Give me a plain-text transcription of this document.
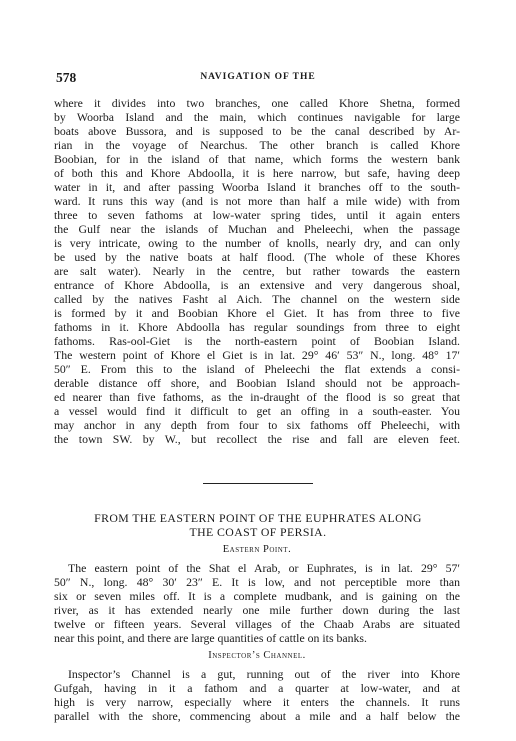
578	NAVIGATION OF THE
where it divides into two branches, one called Khore Shetna, formed
by Woorba Island and the main, which continues navigable for large
boats above Bussora, and is supposed to be the canal described by Ar-
rian in the voyage of Nearchus. The other branch is called Khore
Boobian, for in the island of that name, which forms the western bank
of both this and Khore Abdoolla, it is here narrow, but safe, having deep
water in it, and after passing Woorba Island it branches off to the south-
ward. It runs this way (and is not more than half a mile wide) with from
three to seven fathoms at low-water spring tides, until it again enters
the Gulf near the islands of Muchan and Pheleechi, when the passage
is very intricate, owing to the number of knolls, nearly dry, and can only
be used by the native boats at half flood. (The whole of these Khores
are salt water). Nearly in the centre, but rather towards the eastern
entrance of Khore Abdoolla, is an extensive and very dangerous shoal,
called by the natives Fasht al Aich. The channel on the western side
is formed by it and Boobian Khore el Giet. It has from three to five
fathoms in it. Khore Abdoolla has regular soundings from three to eight
fathoms. Ras-ool-Giet is the north-eastern point of Boobian Island.
The western point of Khore el Giet is in lat. 29° 46′ 53″ N., long. 48° 17′
50″ E. From this to the island of Pheleechi the flat extends a consi-
derable distance off shore, and Boobian Island should not be approach-
ed nearer than five fathoms, as the in-draught of the flood is so great that
a vessel would find it difficult to get an offing in a south-easter. You
may anchor in any depth from four to six fathoms off Pheleechi, with
the town SW. by W., but recollect the rise and fall are eleven feet.
FROM THE EASTERN POINT OF THE EUPHRATES ALONG
THE COAST OF PERSIA.
Eastern Point.
The eastern point of the Shat el Arab, or Euphrates, is in lat. 29° 57′
50″ N., long. 48° 30′ 23″ E. It is low, and not perceptible more than
six or seven miles off. It is a complete mudbank, and is gaining on the
river, as it has extended nearly one mile further down during the last
twelve or fifteen years. Several villages of the Chaab Arabs are situated
near this point, and there are large quantities of cattle on its banks.
Inspector’s Channel.
Inspector’s Channel is a gut, running out of the river into Khore
Gufgah, having in it a fathom and a quarter at low-water, and at
high is very narrow, especially where it enters the channels. It runs
parallel with the shore, commencing about a mile and a half below the
